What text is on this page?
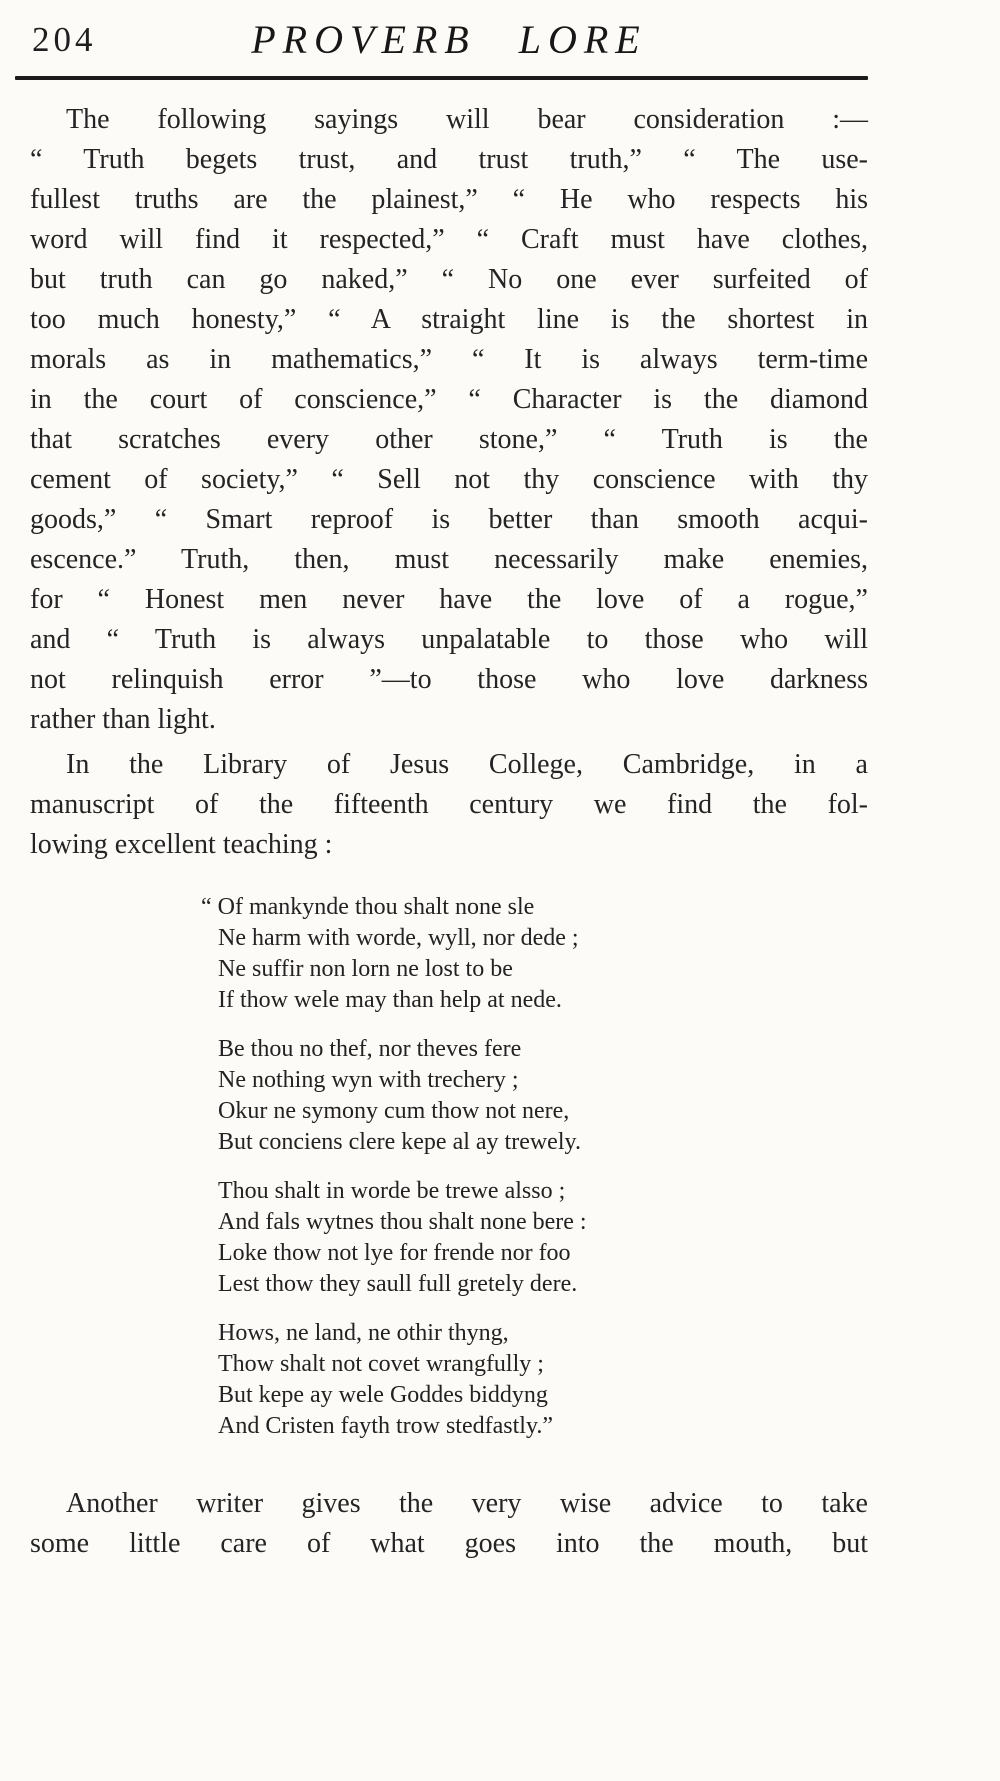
204	PROVERB LORE
The following sayings will bear consideration :—
“ Truth begets trust, and trust truth,” “ The use-
fullest truths are the plainest,” “ He who respects his
word will find it respected,” “ Craft must have clothes,
but truth can go naked,” “ No one ever surfeited of
too much honesty,” “ A straight line is the shortest in
morals as in mathematics,” “ It is always term-time
in the court of conscience,” “ Character is the diamond
that scratches every other stone,” “ Truth is the
cement of society,” “ Sell not thy conscience with thy
goods,” “ Smart reproof is better than smooth acqui-
escence.” Truth, then, must necessarily make enemies,
for “ Honest men never have the love of a rogue,”
and “ Truth is always unpalatable to those who will
not relinquish error ”—to those who love darkness
rather than light.
In the Library of Jesus College, Cambridge, in a
manuscript of the fifteenth century we find the fol-
lowing excellent teaching :
“ Of mankynde thou shalt none sle
Ne harm with worde, wyll, nor dede ;
Ne suffir non lorn ne lost to be
If thow wele may than help at nede.
Be thou no thef, nor theves fere
Ne nothing wyn with trechery ;
Okur ne symony cum thow not nere,
But conciens clere kepe al ay trewely.
Thou shalt in worde be trewe alsso ;
And fals wytnes thou shalt none bere :
Loke thow not lye for frende nor foo
Lest thow they saull full gretely dere.
Hows, ne land, ne othir thyng,
Thow shalt not covet wrangfully ;
But kepe ay wele Goddes biddyng
And Cristen fayth trow stedfastly.”
Another writer gives the very wise advice to take
some little care of what goes into the mouth, but
